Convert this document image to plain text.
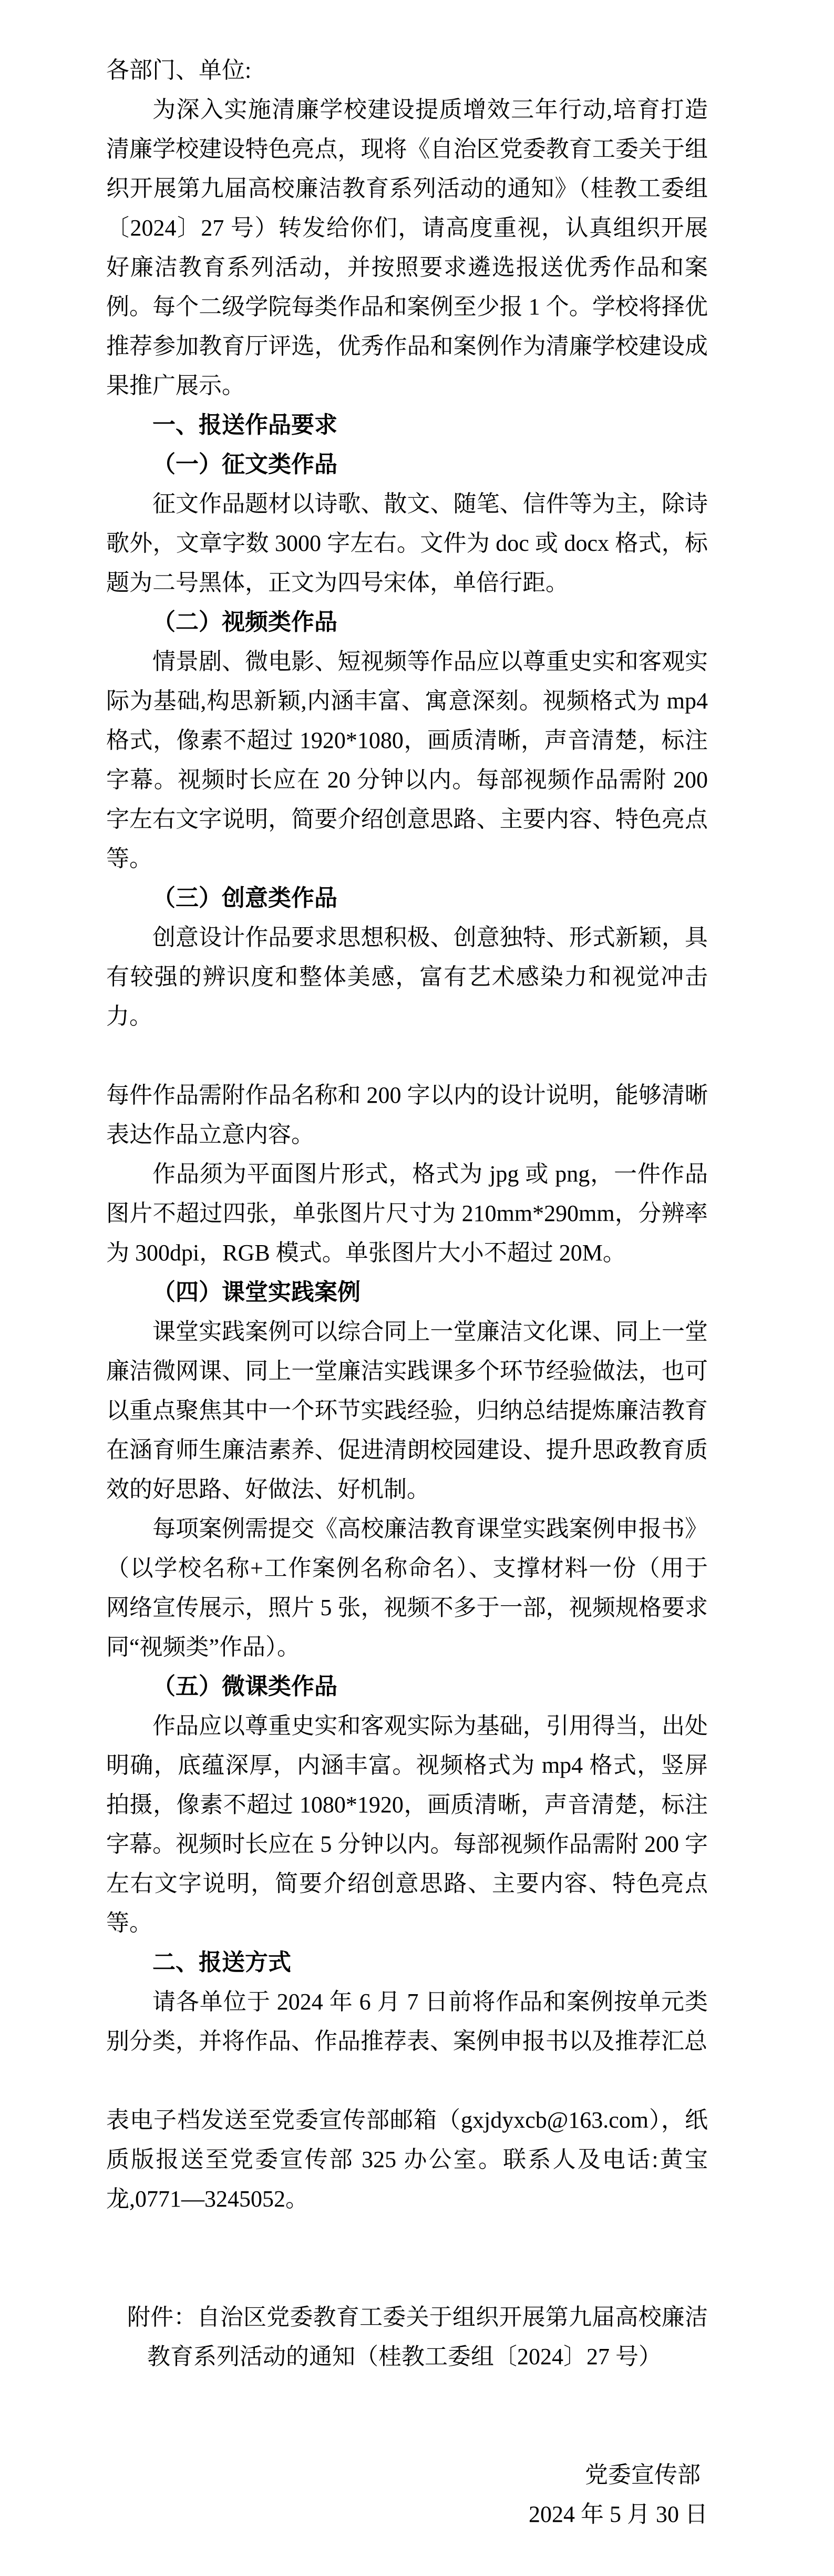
各部门、单位:

为深入实施清廉学校建设提质增效三年行动,培育打造清廉学校建设特色亮点，现将《自治区党委教育工委关于组织开展第九届高校廉洁教育系列活动的通知》（桂教工委组〔2024〕27 号）转发给你们，请高度重视，认真组织开展好廉洁教育系列活动，并按照要求遴选报送优秀作品和案例。每个二级学院每类作品和案例至少报 1 个。学校将择优推荐参加教育厅评选，优秀作品和案例作为清廉学校建设成果推广展示。

一、报送作品要求

（一）征文类作品

征文作品题材以诗歌、散文、随笔、信件等为主，除诗歌外，文章字数 3000 字左右。文件为 doc 或 docx 格式，标题为二号黑体，正文为四号宋体，单倍行距。

（二）视频类作品

情景剧、微电影、短视频等作品应以尊重史实和客观实际为基础,构思新颖,内涵丰富、寓意深刻。视频格式为 mp4 格式，像素不超过 1920*1080，画质清晰，声音清楚，标注字幕。视频时长应在 20 分钟以内。每部视频作品需附 200 字左右文字说明，简要介绍创意思路、主要内容、特色亮点等。

（三）创意类作品

创意设计作品要求思想积极、创意独特、形式新颖，具有较强的辨识度和整体美感，富有艺术感染力和视觉冲击力。

每件作品需附作品名称和 200 字以内的设计说明，能够清晰表达作品立意内容。

作品须为平面图片形式，格式为 jpg 或 png，一件作品图片不超过四张，单张图片尺寸为 210mm*290mm，分辨率为 300dpi，RGB 模式。单张图片大小不超过 20M。

（四）课堂实践案例

课堂实践案例可以综合同上一堂廉洁文化课、同上一堂廉洁微网课、同上一堂廉洁实践课多个环节经验做法，也可以重点聚焦其中一个环节实践经验，归纳总结提炼廉洁教育在涵育师生廉洁素养、促进清朗校园建设、提升思政教育质效的好思路、好做法、好机制。

每项案例需提交《高校廉洁教育课堂实践案例申报书》（以学校名称+工作案例名称命名）、支撑材料一份（用于网络宣传展示，照片 5 张，视频不多于一部，视频规格要求同“视频类”作品）。

（五）微课类作品

作品应以尊重史实和客观实际为基础，引用得当，出处明确，底蕴深厚，内涵丰富。视频格式为 mp4 格式，竖屏拍摄，像素不超过 1080*1920，画质清晰，声音清楚，标注字幕。视频时长应在 5 分钟以内。每部视频作品需附 200 字左右文字说明，简要介绍创意思路、主要内容、特色亮点等。

二、报送方式

请各单位于 2024 年 6 月 7 日前将作品和案例按单元类别分类，并将作品、作品推荐表、案例申报书以及推荐汇总

表电子档发送至党委宣传部邮箱（gxjdyxcb@163.com），纸质版报送至党委宣传部 325 办公室。联系人及电话:黄宝龙,0771—3245052。

附件：自治区党委教育工委关于组织开展第九届高校廉洁教育系列活动的通知（桂教工委组〔2024〕27 号）

党委宣传部

2024 年 5 月 30 日
